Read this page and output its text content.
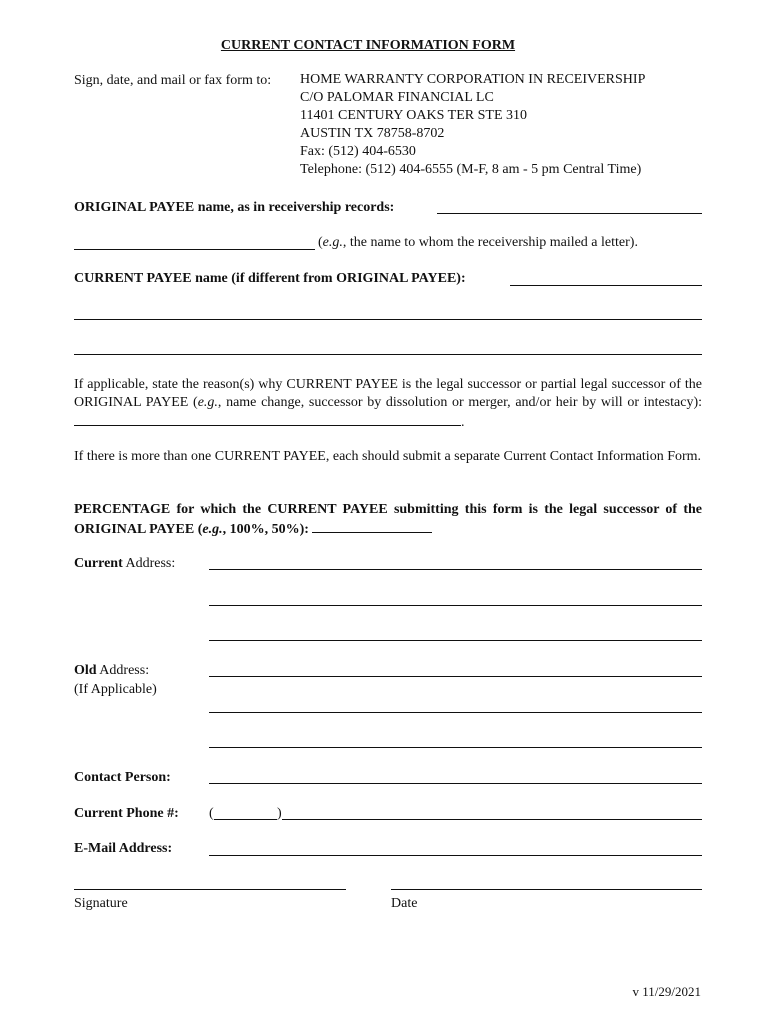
CURRENT CONTACT INFORMATION FORM
Sign, date, and mail or fax form to: HOME WARRANTY CORPORATION IN RECEIVERSHIP
C/O PALOMAR FINANCIAL LC
11401 CENTURY OAKS TER STE 310
AUSTIN TX 78758-8702
Fax: (512) 404-6530
Telephone: (512) 404-6555 (M-F, 8 am - 5 pm Central Time)
ORIGINAL PAYEE name, as in receivership records:
(e.g., the name to whom the receivership mailed a letter).
CURRENT PAYEE name (if different from ORIGINAL PAYEE):
If applicable, state the reason(s) why CURRENT PAYEE is the legal successor or partial legal successor of the ORIGINAL PAYEE (e.g., name change, successor by dissolution or merger, and/or heir by will or intestacy): .
If there is more than one CURRENT PAYEE, each should submit a separate Current Contact Information Form.
PERCENTAGE for which the CURRENT PAYEE submitting this form is the legal successor of the ORIGINAL PAYEE (e.g., 100%, 50%):
Current Address:
Old Address:
(If Applicable)
Contact Person:
Current Phone #: (	)
E-Mail Address:
Signature	Date
v 11/29/2021
